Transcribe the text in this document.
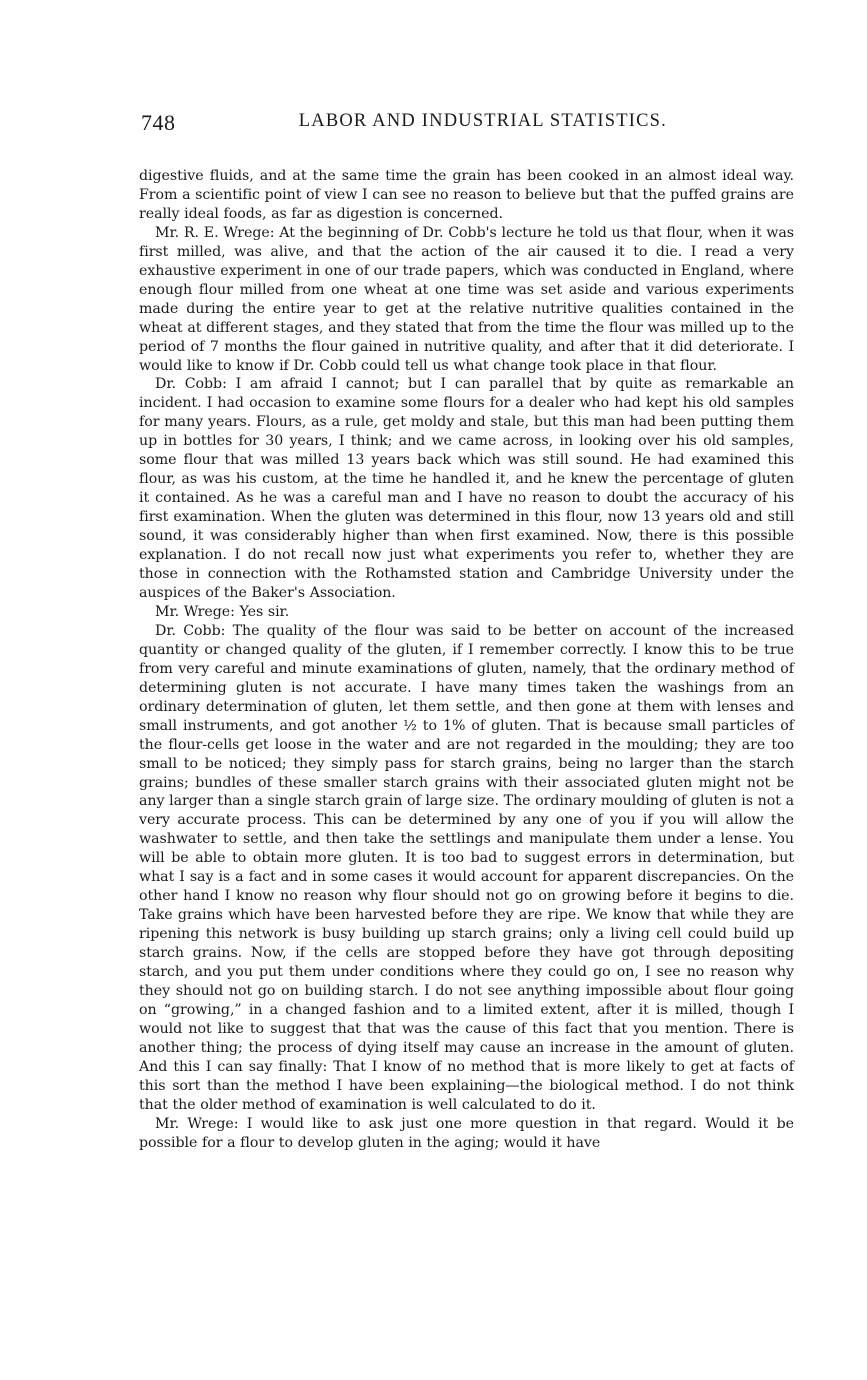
748	LABOR AND INDUSTRIAL STATISTICS.

digestive fluids, and at the same time the grain has been cooked in an almost ideal way. From a scientific point of view I can see no reason to believe but that the puffed grains are really ideal foods, as far as digestion is concerned.

Mr. R. E. Wrege: At the beginning of Dr. Cobb's lecture he told us that flour, when it was first milled, was alive, and that the action of the air caused it to die. I read a very exhaustive experiment in one of our trade papers, which was conducted in England, where enough flour milled from one wheat at one time was set aside and various experiments made during the entire year to get at the relative nutritive qualities contained in the wheat at different stages, and they stated that from the time the flour was milled up to the period of 7 months the flour gained in nutritive quality, and after that it did deteriorate. I would like to know if Dr. Cobb could tell us what change took place in that flour.

Dr. Cobb: I am afraid I cannot; but I can parallel that by quite as remarkable an incident. I had occasion to examine some flours for a dealer who had kept his old samples for many years. Flours, as a rule, get moldy and stale, but this man had been putting them up in bottles for 30 years, I think; and we came across, in looking over his old samples, some flour that was milled 13 years back which was still sound. He had examined this flour, as was his custom, at the time he handled it, and he knew the percentage of gluten it contained. As he was a careful man and I have no reason to doubt the accuracy of his first examination. When the gluten was determined in this flour, now 13 years old and still sound, it was considerably higher than when first examined. Now, there is this possible explanation. I do not recall now just what experiments you refer to, whether they are those in connection with the Rothamsted station and Cambridge University under the auspices of the Baker's Association.

Mr. Wrege: Yes sir.

Dr. Cobb: The quality of the flour was said to be better on account of the increased quantity or changed quality of the gluten, if I remember correctly. I know this to be true from very careful and minute examinations of gluten, namely, that the ordinary method of determining gluten is not accurate. I have many times taken the washings from an ordinary determination of gluten, let them settle, and then gone at them with lenses and small instruments, and got another ½ to 1% of gluten. That is because small particles of the flour-cells get loose in the water and are not regarded in the moulding; they are too small to be noticed; they simply pass for starch grains, being no larger than the starch grains; bundles of these smaller starch grains with their associated gluten might not be any larger than a single starch grain of large size. The ordinary moulding of gluten is not a very accurate process. This can be determined by any one of you if you will allow the washwater to settle, and then take the settlings and manipulate them under a lense. You will be able to obtain more gluten. It is too bad to suggest errors in determination, but what I say is a fact and in some cases it would account for apparent discrepancies. On the other hand I know no reason why flour should not go on growing before it begins to die. Take grains which have been harvested before they are ripe. We know that while they are ripening this network is busy building up starch grains; only a living cell could build up starch grains. Now, if the cells are stopped before they have got through depositing starch, and you put them under conditions where they could go on, I see no reason why they should not go on building starch. I do not see anything impossible about flour going on “growing,” in a changed fashion and to a limited extent, after it is milled, though I would not like to suggest that that was the cause of this fact that you mention. There is another thing; the process of dying itself may cause an increase in the amount of gluten. And this I can say finally: That I know of no method that is more likely to get at facts of this sort than the method I have been explaining—the biological method. I do not think that the older method of examination is well calculated to do it.

Mr. Wrege: I would like to ask just one more question in that regard. Would it be possible for a flour to develop gluten in the aging; would it have
